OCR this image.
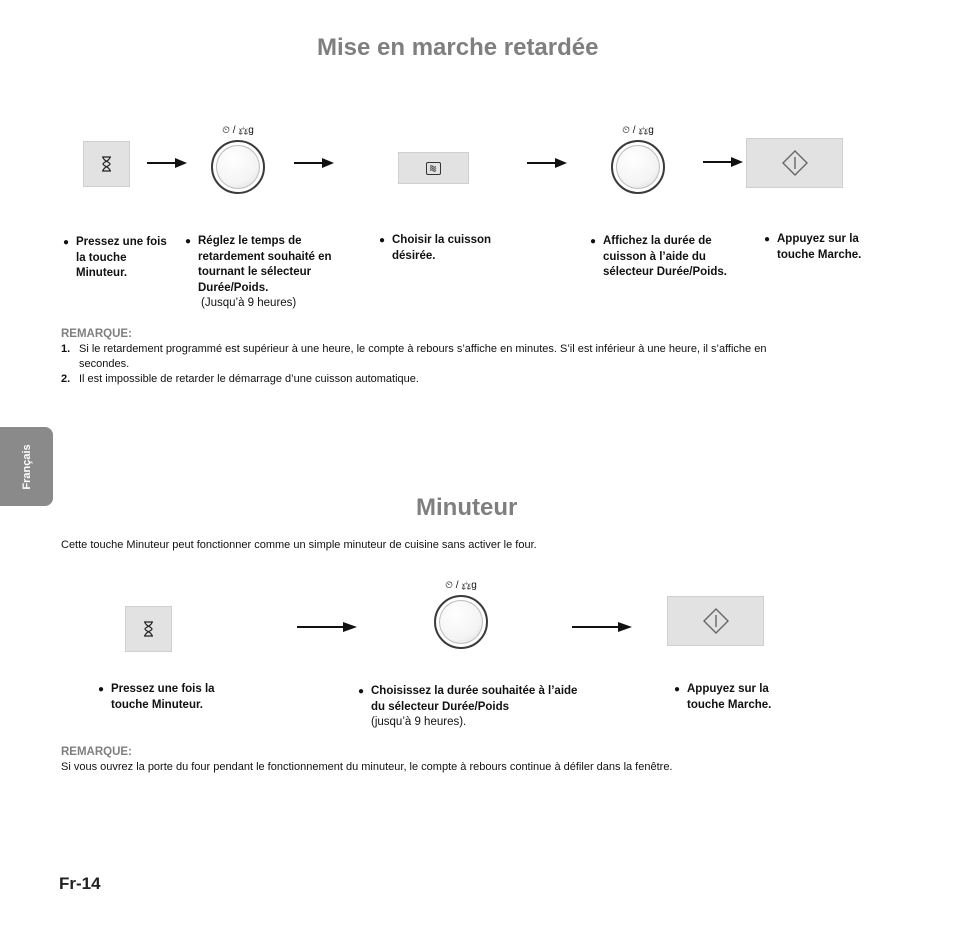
Mise en marche retardée
⏲ / ⚖g	⏲ / ⚖g
● Pressez une fois la touche Minuteur.
● Réglez le temps de retardement souhaité en tournant le sélecteur Durée/Poids.
(Jusqu’à 9 heures)
● Choisir la cuisson désirée.
● Affichez la durée de cuisson à l’aide du sélecteur Durée/Poids.
● Appuyez sur la touche Marche.
REMARQUE:
1. Si le retardement programmé est supérieur à une heure, le compte à rebours s’affiche en minutes. S’il est inférieur à une heure, il s’affiche en secondes.
2. Il est impossible de retarder le démarrage d’une cuisson automatique.
Français
Minuteur
Cette touche Minuteur peut fonctionner comme un simple minuteur de cuisine sans activer le four.
⏲ / ⚖g
● Pressez une fois la touche Minuteur.
● Choisissez la durée souhaitée à l’aide du sélecteur Durée/Poids
(jusqu’à 9 heures).
● Appuyez sur la touche Marche.
REMARQUE:
Si vous ouvrez la porte du four pendant le fonctionnement du minuteur, le compte à rebours continue à défiler dans la fenêtre.
Fr-14
